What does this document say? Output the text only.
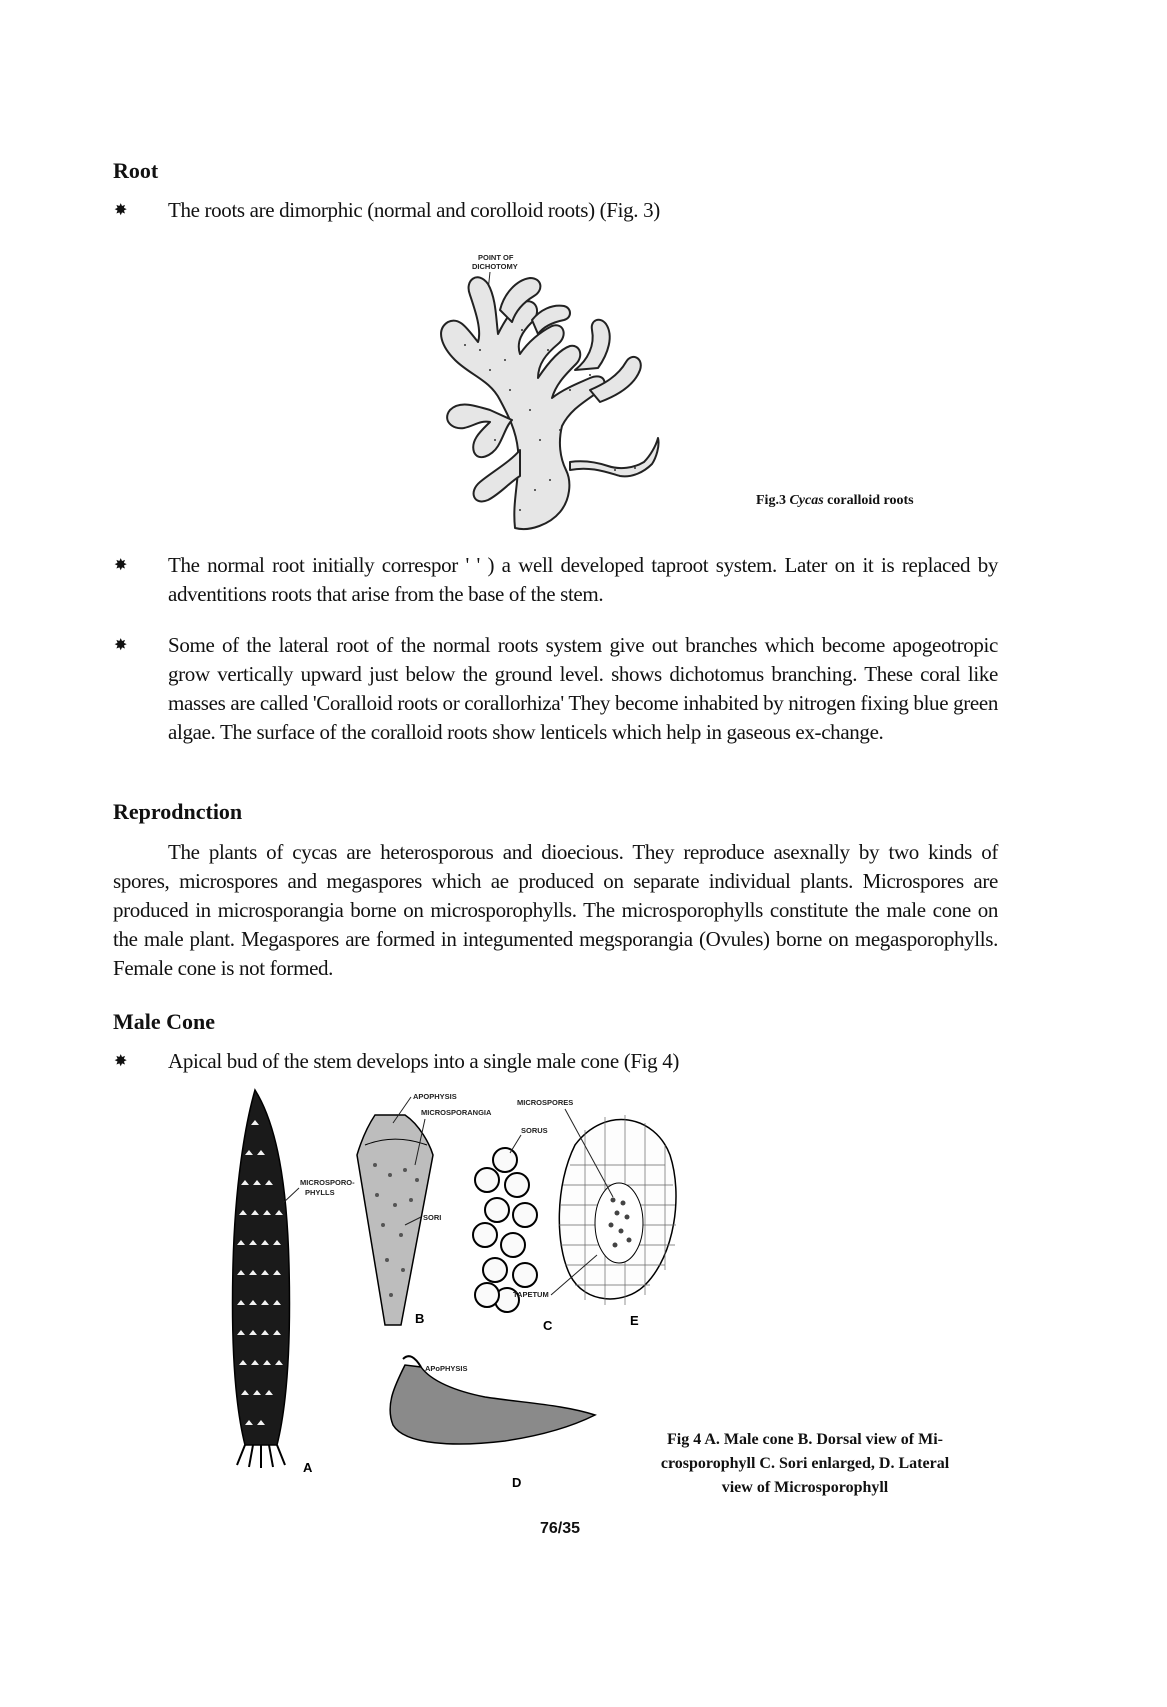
Root
✸ The roots are dimorphic (normal and corolloid roots) (Fig. 3)
POINT OF
DICHOTOMY
Fig.3 Cycas coralloid roots
✸ The normal root initially correspor ' ' ) a well developed taproot system. Later on it is replaced by adventitions roots that arise from the base of the stem.
✸ Some of the lateral root of the normal roots system give out branches which become apogeotropic grow vertically upward just below the ground level. shows dichotomus branching. These coral like masses are called 'Coralloid roots or corallorhiza' They become inhabited by nitrogen fixing blue green algae. The surface of the coralloid roots show lenticels which help in gaseous ex-change.
Reprodnction
The plants of cycas are heterosporous and dioecious. They reproduce asexnally by two kinds of spores, microspores and megaspores which ae produced on separate individual plants. Microspores are produced in microsporangia borne on microsporophylls. The microsporophylls constitute the male cone on the male plant. Megaspores are formed in integumented megsporangia (Ovules) borne on megasporophylls. Female cone is not formed.
Male Cone
✸ Apical bud of the stem develops into a single male cone (Fig 4)
MICROSPORO-
PHYLLS
A
APOPHYSIS
MICROSPORANGIA
SORI
B
SORUS
C
MICROSPORES
TAPETUM
E
APoPHYSIS
D
Fig 4 A. Male cone B. Dorsal view of Mi-crosporophyll C. Sori enlarged, D. Lateral view of Microsporophyll
76/35
